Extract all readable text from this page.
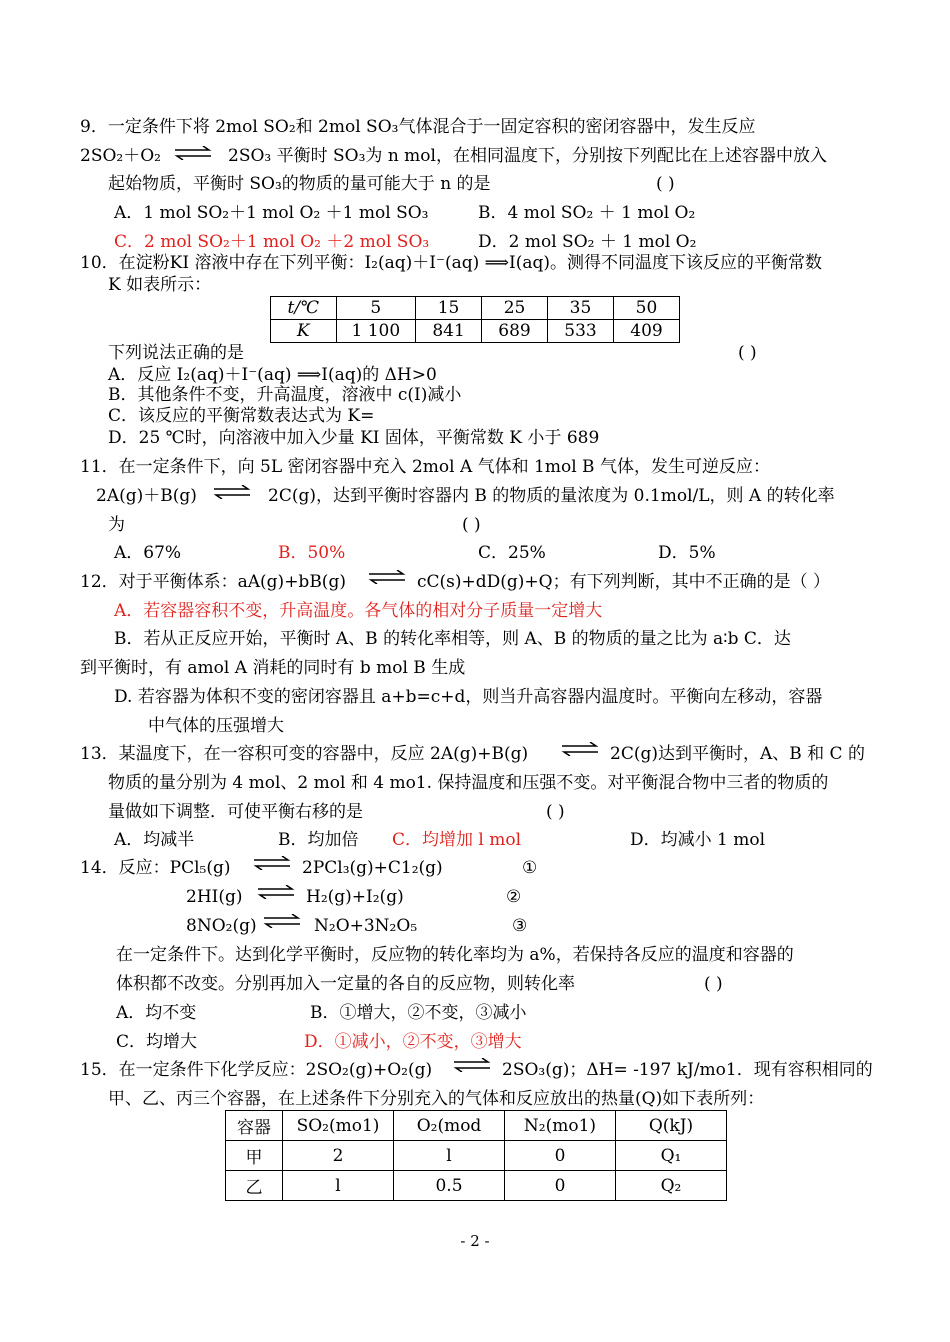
9．一定条件下将 2mol SO₂和 2mol SO₃气体混合于一固定容积的密闭容器中，发生反应
2SO₂＋O₂ ⇌ 2SO₃ 平衡时 SO₃为 n mol，在相同温度下，分别按下列配比在上述容器中放入
起始物质，平衡时 SO₃的物质的量可能大于 n 的是	( )
A．1 mol SO₂＋1 mol O₂ ＋1 mol SO₃	B．4 mol SO₂ ＋ 1 mol O₂
C．2 mol SO₂＋1 mol O₂ ＋2 mol SO₃	D．2 mol SO₂ ＋ 1 mol O₂
10．在淀粉KI 溶液中存在下列平衡：I₂(aq)＋I⁻(aq) ⟹I(aq)。测得不同温度下该反应的平衡常数
K 如表所示：
t/℃	5	15	25	35	50
K	1 100	841	689	533	409
下列说法正确的是	( )
A．反应 I₂(aq)＋I⁻(aq) ⟹I(aq)的 ΔH>0
B．其他条件不变，升高温度，溶液中 c(I)减小
C．该反应的平衡常数表达式为 K=
D．25 ℃时，向溶液中加入少量 KI 固体，平衡常数 K 小于 689
11．在一定条件下，向 5L 密闭容器中充入 2mol A 气体和 1mol B 气体，发生可逆反应：
2A(g)＋B(g) ⇌ 2C(g)，达到平衡时容器内 B 的物质的量浓度为 0.1mol/L，则 A 的转化率
为	( )
A．67%	B．50%	C．25%	D．5%
12．对于平衡体系：aA(g)+bB(g) ⇌ cC(s)+dD(g)+Q；有下列判断，其中不正确的是（ ）
A．若容器容积不变，升高温度。各气体的相对分子质量一定增大
B．若从正反应开始，平衡时 A、B 的转化率相等，则 A、B 的物质的量之比为 a∶b C．达
到平衡时，有 amol A 消耗的同时有 b mol B 生成
D. 若容器为体积不变的密闭容器且 a+b=c+d，则当升高容器内温度时。平衡向左移动，容器
中气体的压强增大
13．某温度下，在一容积可变的容器中，反应 2A(g)+B(g) ⇌ 2C(g)达到平衡时，A、B 和 C 的
物质的量分别为 4 mol、2 mol 和 4 mo1. 保持温度和压强不变。对平衡混合物中三者的物质的
量做如下调整．可使平衡右移的是	( )
A．均减半	B．均加倍 C．均增加 l mol	D．均减小 1 mol
14．反应：PCl₅(g) ⇌ 2PCl₃(g)+C1₂(g)	①
2HI(g) ⇌ H₂(g)+I₂(g)	②
8NO₂(g) ⇌ N₂O+3N₂O₅	③
在一定条件下。达到化学平衡时，反应物的转化率均为 a%，若保持各反应的温度和容器的
体积都不改变。分别再加入一定量的各自的反应物，则转化率	( )
A．均不变	B．①增大，②不变，③减小
C．均增大	D．①减小，②不变，③增大
15．在一定条件下化学反应：2SO₂(g)+O₂(g) ⇌ 2SO₃(g)；ΔH= -197 kJ/mo1．现有容积相同的
甲、乙、丙三个容器，在上述条件下分别充入的气体和反应放出的热量(Q)如下表所列：
容器	SO₂(mo1)	O₂(mod	N₂(mo1)	Q(kJ)
甲	2	l	0	Q₁
乙	l	0.5	0	Q₂
- 2 -
